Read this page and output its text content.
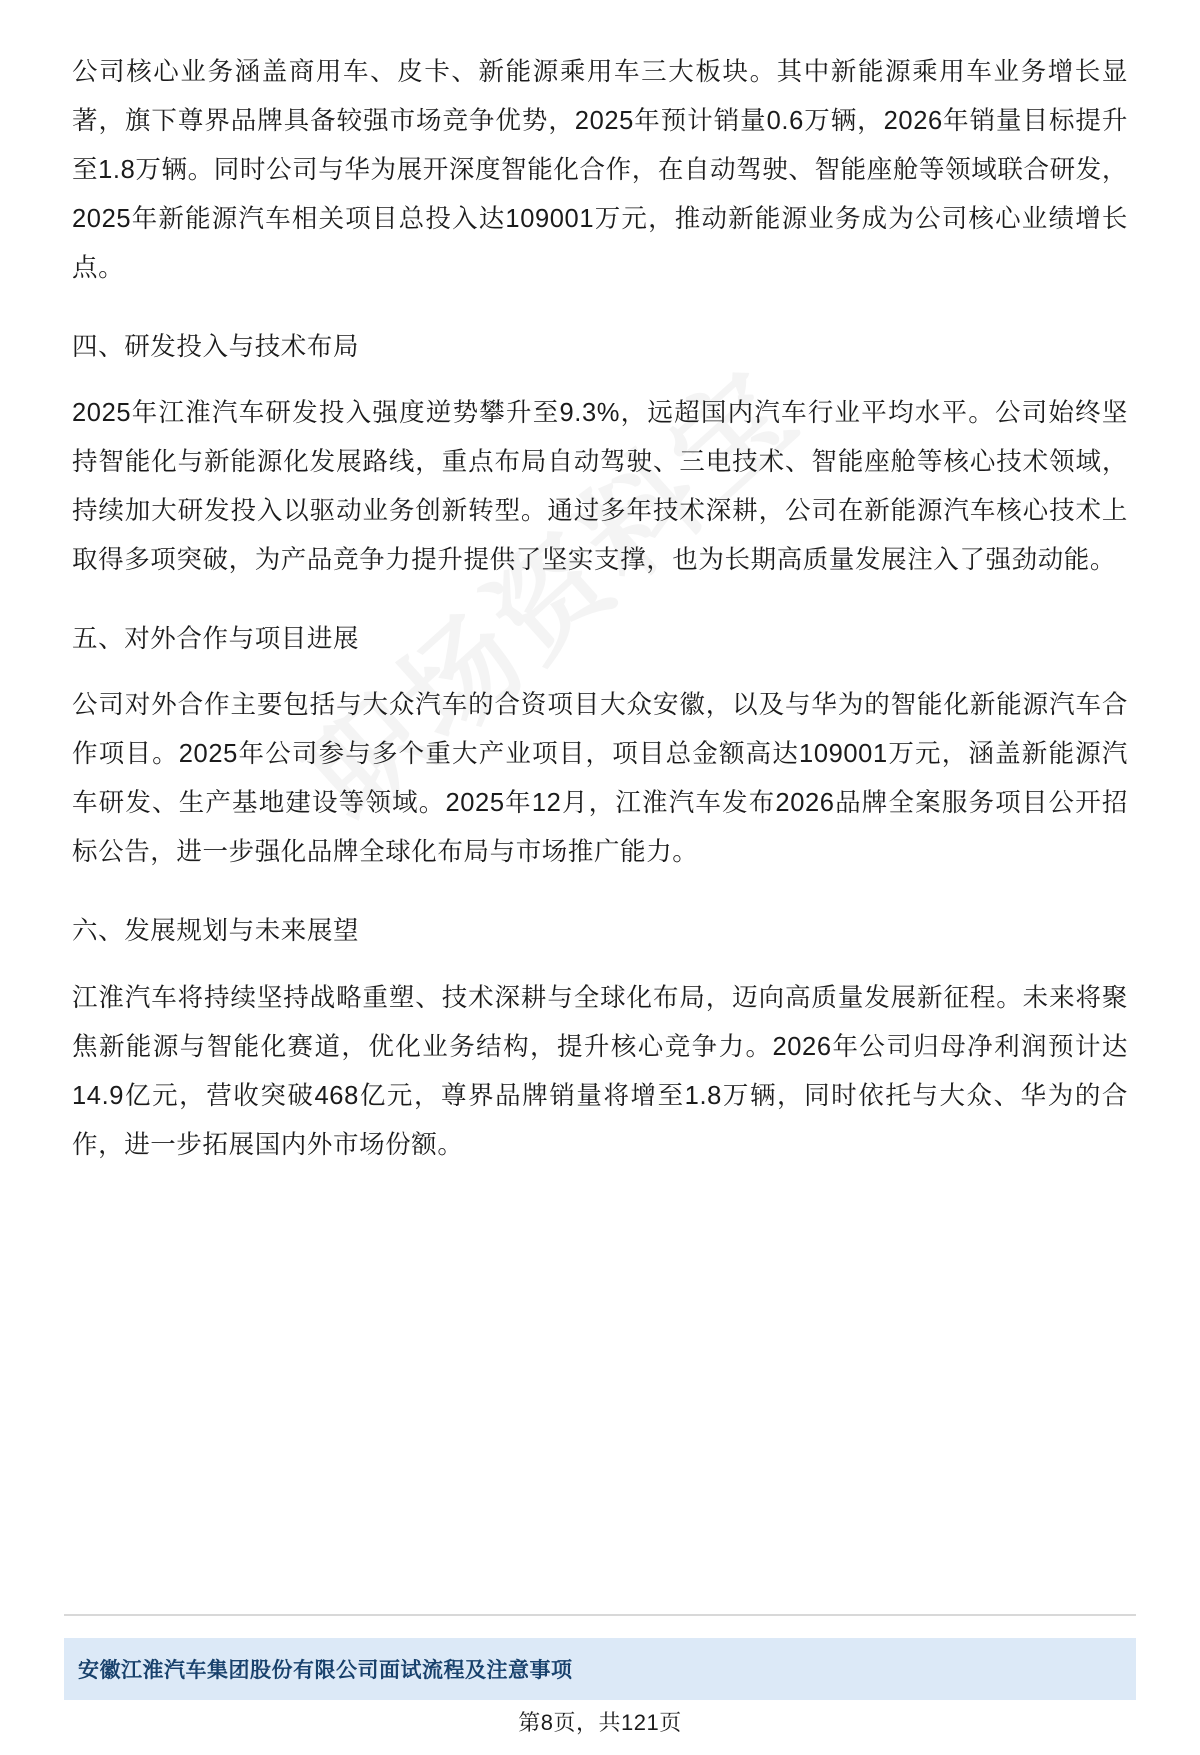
公司核心业务涵盖商用车、皮卡、新能源乘用车三大板块。其中新能源乘用车业务增长显著，旗下尊界品牌具备较强市场竞争优势，2025年预计销量0.6万辆，2026年销量目标提升至1.8万辆。同时公司与华为展开深度智能化合作，在自动驾驶、智能座舱等领域联合研发，2025年新能源汽车相关项目总投入达109001万元，推动新能源业务成为公司核心业绩增长点。

四、研发投入与技术布局

2025年江淮汽车研发投入强度逆势攀升至9.3%，远超国内汽车行业平均水平。公司始终坚持智能化与新能源化发展路线，重点布局自动驾驶、三电技术、智能座舱等核心技术领域，持续加大研发投入以驱动业务创新转型。通过多年技术深耕，公司在新能源汽车核心技术上取得多项突破，为产品竞争力提升提供了坚实支撑，也为长期高质量发展注入了强劲动能。

五、对外合作与项目进展

公司对外合作主要包括与大众汽车的合资项目大众安徽，以及与华为的智能化新能源汽车合作项目。2025年公司参与多个重大产业项目，项目总金额高达109001万元，涵盖新能源汽车研发、生产基地建设等领域。2025年12月，江淮汽车发布2026品牌全案服务项目公开招标公告，进一步强化品牌全球化布局与市场推广能力。

六、发展规划与未来展望

江淮汽车将持续坚持战略重塑、技术深耕与全球化布局，迈向高质量发展新征程。未来将聚焦新能源与智能化赛道，优化业务结构，提升核心竞争力。2026年公司归母净利润预计达14.9亿元，营收突破468亿元，尊界品牌销量将增至1.8万辆，同时依托与大众、华为的合作，进一步拓展国内外市场份额。

安徽江淮汽车集团股份有限公司面试流程及注意事项
第8页，共121页
